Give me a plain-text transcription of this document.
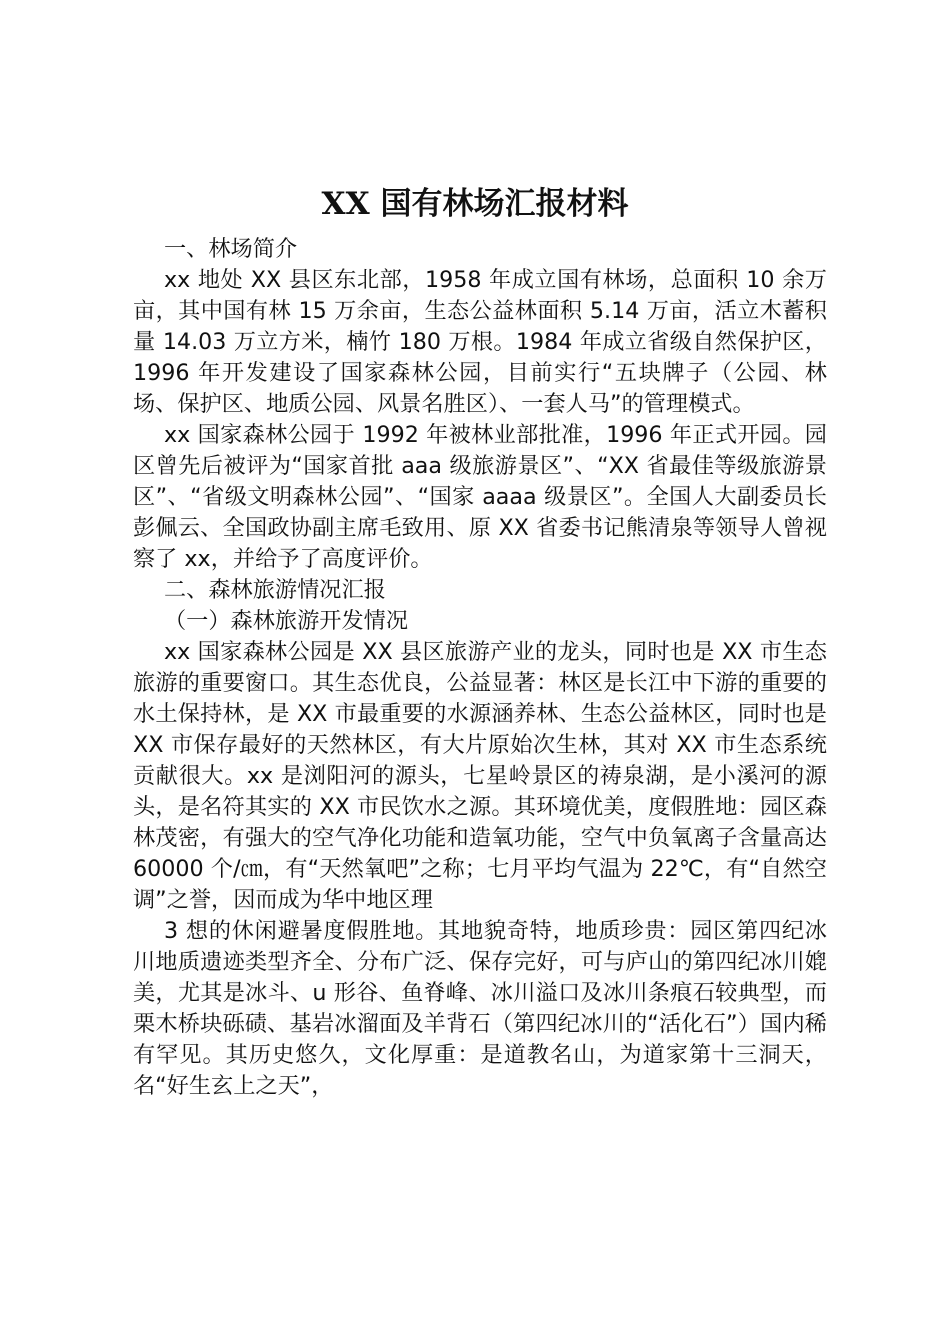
XX 国有林场汇报材料

一、林场简介

xx 地处 XX 县区东北部，1958 年成立国有林场，总面积 10 余万亩，其中国有林 15 万余亩，生态公益林面积 5.14 万亩，活立木蓄积量 14.03 万立方米，楠竹 180 万根。1984 年成立省级自然保护区，1996 年开发建设了国家森林公园，目前实行“五块牌子（公园、林场、保护区、地质公园、风景名胜区）、一套人马”的管理模式。

xx 国家森林公园于 1992 年被林业部批准，1996 年正式开园。园区曾先后被评为“国家首批 aaa 级旅游景区”、“XX 省最佳等级旅游景区”、“省级文明森林公园”、“国家 aaaa 级景区”。全国人大副委员长彭佩云、全国政协副主席毛致用、原 XX 省委书记熊清泉等领导人曾视察了 xx，并给予了高度评价。

二、森林旅游情况汇报

（一）森林旅游开发情况

xx 国家森林公园是 XX 县区旅游产业的龙头，同时也是 XX 市生态旅游的重要窗口。其生态优良，公益显著：林区是长江中下游的重要的水土保持林，是 XX 市最重要的水源涵养林、生态公益林区，同时也是 XX 市保存最好的天然林区，有大片原始次生林，其对 XX 市生态系统贡献很大。xx 是浏阳河的源头，七星岭景区的祷泉湖，是小溪河的源头，是名符其实的 XX 市民饮水之源。其环境优美，度假胜地：园区森林茂密，有强大的空气净化功能和造氧功能，空气中负氧离子含量高达 60000 个/㎝，有“天然氧吧”之称；七月平均气温为 22℃，有“自然空调”之誉，因而成为华中地区理

3 想的休闲避暑度假胜地。其地貌奇特，地质珍贵：园区第四纪冰川地质遗迹类型齐全、分布广泛、保存完好，可与庐山的第四纪冰川媲美，尤其是冰斗、u 形谷、鱼脊峰、冰川溢口及冰川条痕石较典型，而栗木桥块砾碛、基岩冰溜面及羊背石（第四纪冰川的“活化石”）国内稀有罕见。其历史悠久，文化厚重：是道教名山，为道家第十三洞天，名“好生玄上之天”，
